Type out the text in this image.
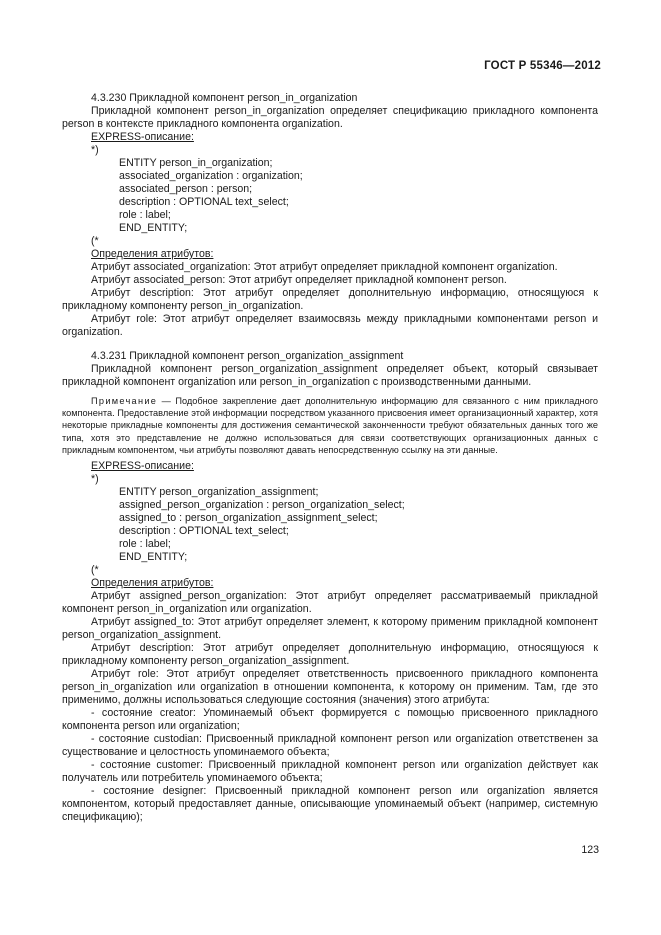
ГОСТ Р 55346—2012

4.3.230 Прикладной компонент person_in_organization

Прикладной компонент person_in_organization определяет спецификацию прикладного компонента person в контексте прикладного компонента organization.

EXPRESS-описание:

*)

ENTITY person_in_organization;

associated_organization : organization;

associated_person : person;

description : OPTIONAL text_select;

role : label;

END_ENTITY;

(*

Определения атрибутов:

Атрибут associated_organization: Этот атрибут определяет прикладной компонент organization.

Атрибут associated_person: Этот атрибут определяет прикладной компонент person.

Атрибут description: Этот атрибут определяет дополнительную информацию, относящуюся к прикладному компоненту person_in_organization.

Атрибут role: Этот атрибут определяет взаимосвязь между прикладными компонентами person и organization.

4.3.231 Прикладной компонент person_organization_assignment

Прикладной компонент person_organization_assignment определяет объект, который связывает прикладной компонент organization или person_in_organization с производственными данными.

Примечание — Подобное закрепление дает дополнительную информацию для связанного с ним прикладного компонента. Предоставление этой информации посредством указанного присвоения имеет организационный характер, хотя некоторые прикладные компоненты для достижения семантической законченности требуют обязательных данных того же типа, хотя это представление не должно использоваться для связи соответствующих организационных данных с прикладным компонентом, чьи атрибуты позволяют давать непосредственную ссылку на эти данные.

EXPRESS-описание:

*)

ENTITY person_organization_assignment;

assigned_person_organization : person_organization_select;

assigned_to : person_organization_assignment_select;

description : OPTIONAL text_select;

role : label;

END_ENTITY;

(*

Определения атрибутов:

Атрибут assigned_person_organization: Этот атрибут определяет рассматриваемый прикладной компонент person_in_organization или organization.

Атрибут assigned_to: Этот атрибут определяет элемент, к которому применим прикладной компонент person_organization_assignment.

Атрибут description: Этот атрибут определяет дополнительную информацию, относящуюся к прикладному компоненту person_organization_assignment.

Атрибут role: Этот атрибут определяет ответственность присвоенного прикладного компонента person_in_organization или organization в отношении компонента, к которому он применим. Там, где это применимо, должны использоваться следующие состояния (значения) этого атрибута:

- состояние creator: Упоминаемый объект формируется с помощью присвоенного прикладного компонента person или organization;

- состояние custodian: Присвоенный прикладной компонент person или organization ответственен за существование и целостность упоминаемого объекта;

- состояние customer: Присвоенный прикладной компонент person или organization действует как получатель или потребитель упоминаемого объекта;

- состояние designer: Присвоенный прикладной компонент person или organization является компонентом, который предоставляет данные, описывающие упоминаемый объект (например, системную спецификацию);

123
